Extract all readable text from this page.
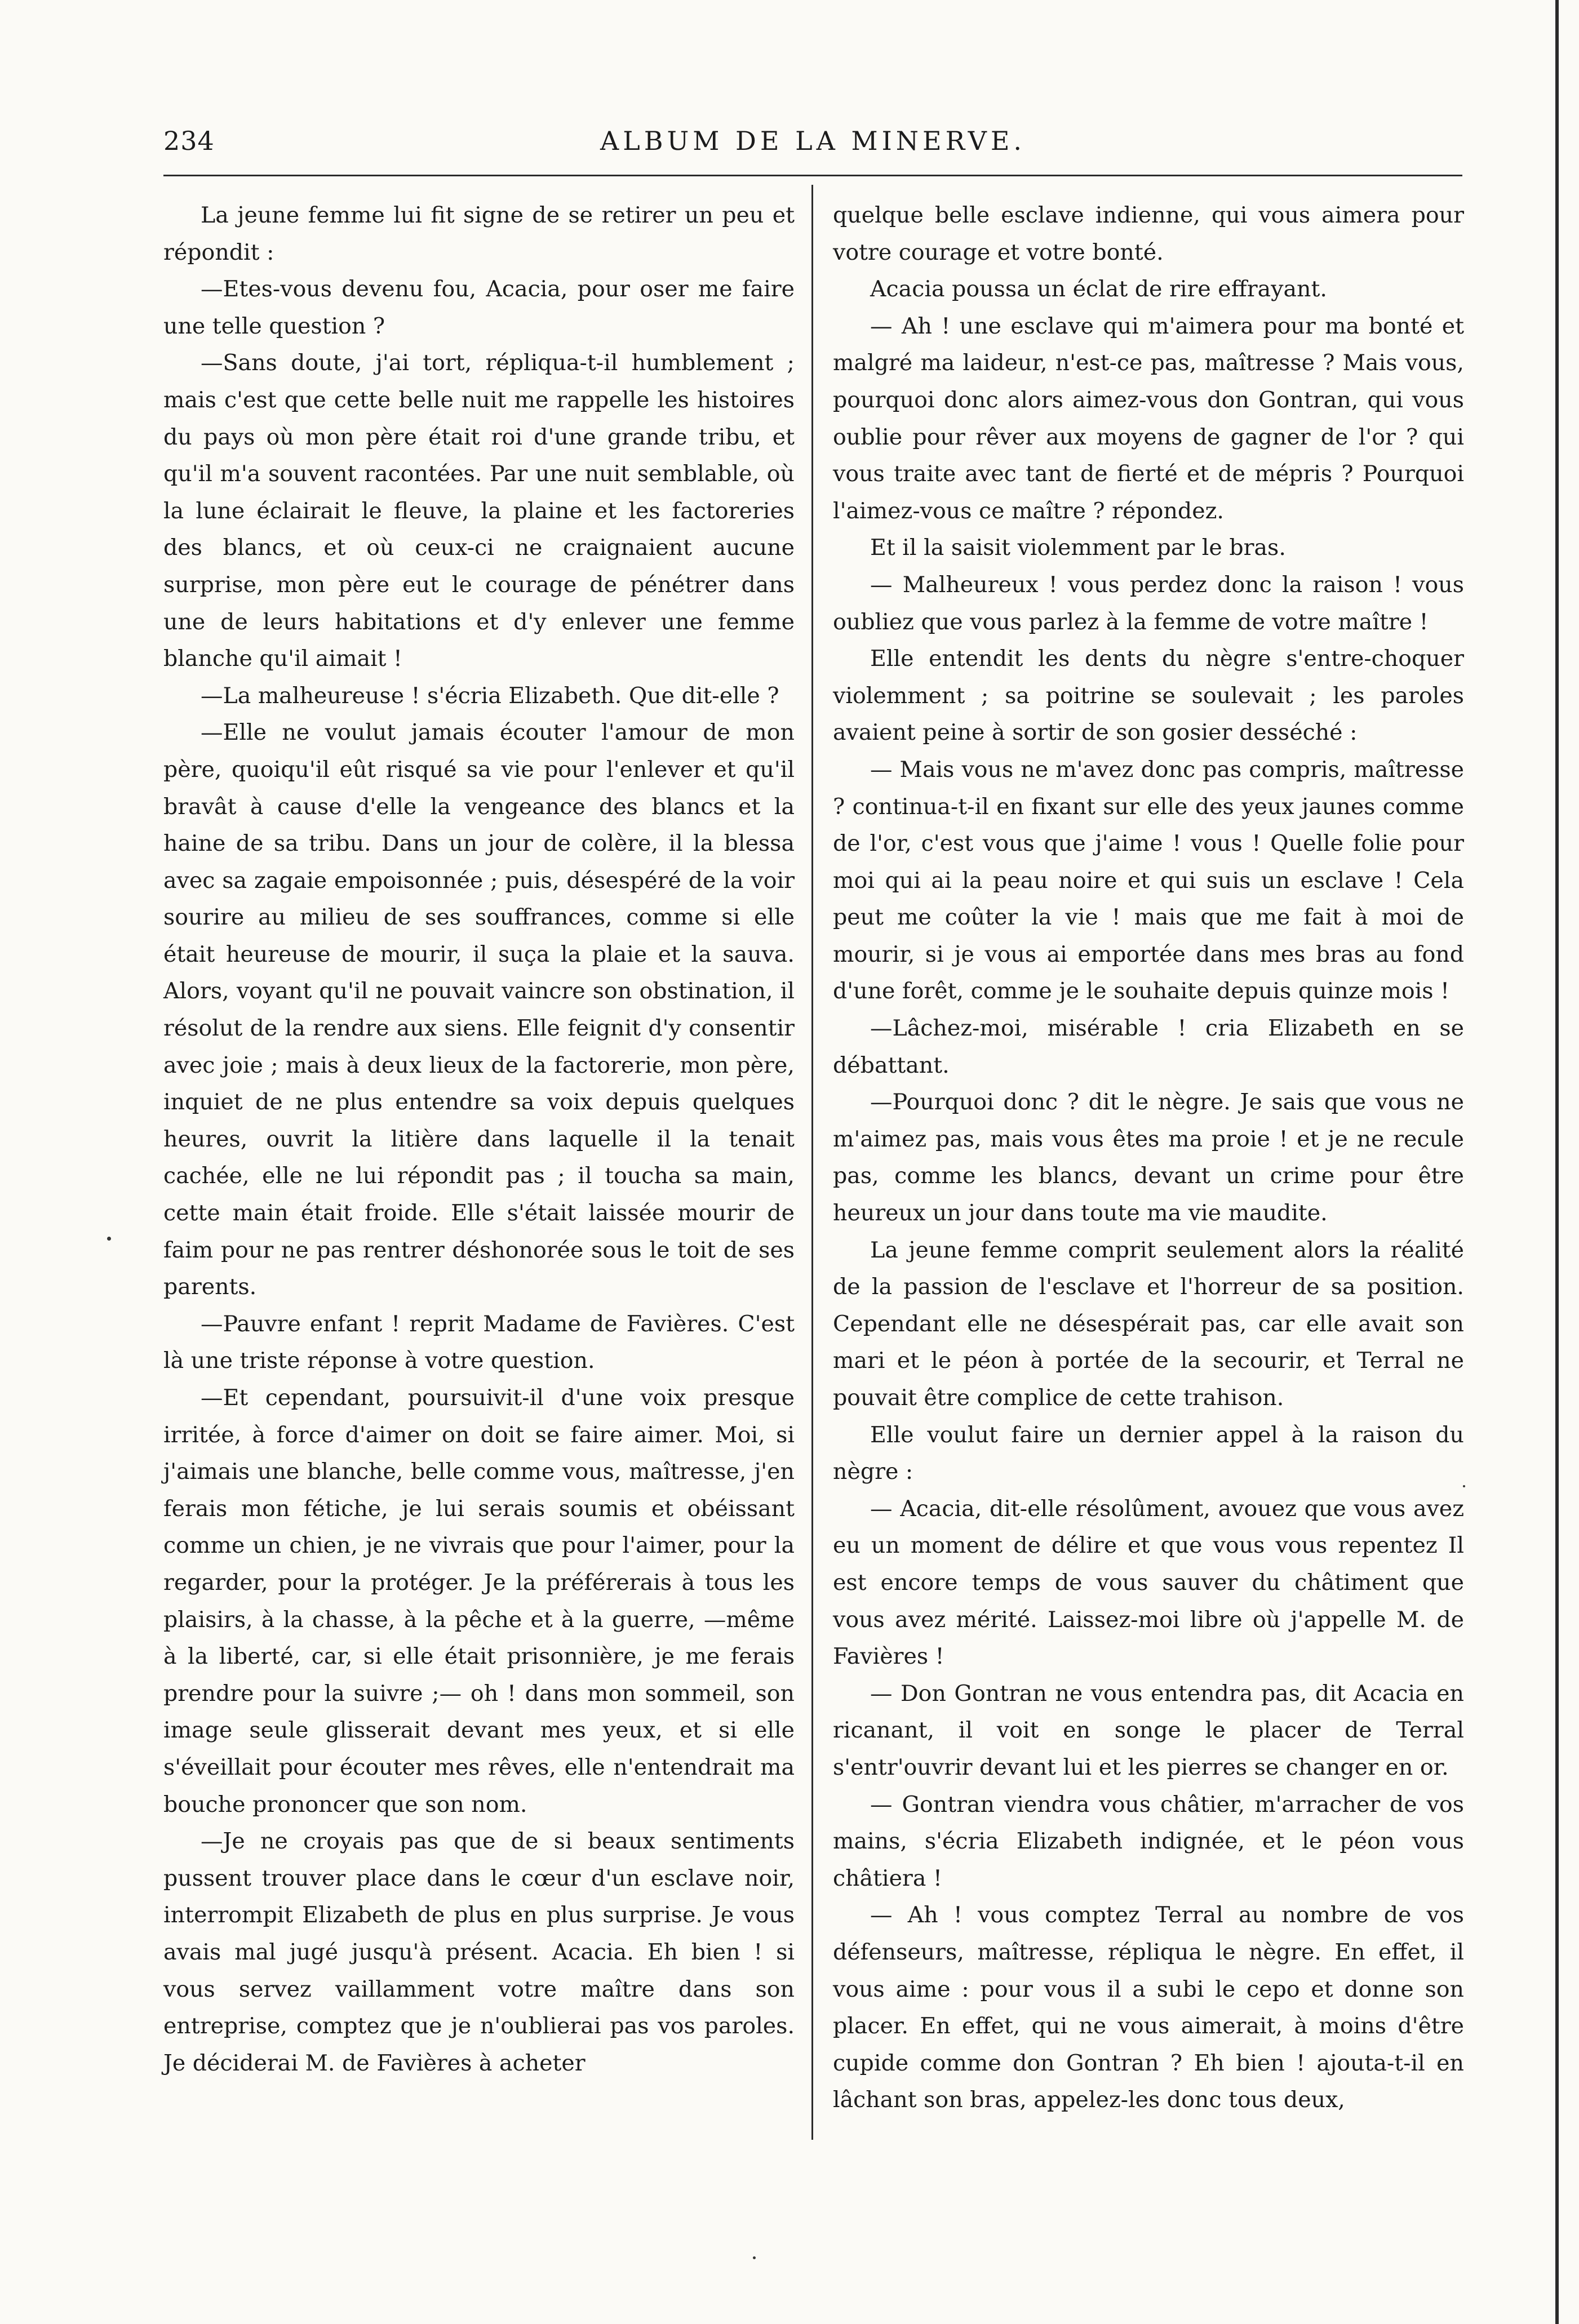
234	ALBUM DE LA MINERVE.

La jeune femme lui fit signe de se retirer un peu et répondit :

—Etes-vous devenu fou, Acacia, pour oser me faire une telle question ?

—Sans doute, j'ai tort, répliqua-t-il humblement ; mais c'est que cette belle nuit me rappelle les histoires du pays où mon père était roi d'une grande tribu, et qu'il m'a souvent racontées. Par une nuit semblable, où la lune éclairait le fleuve, la plaine et les factoreries des blancs, et où ceux-ci ne craignaient aucune surprise, mon père eut le courage de pénétrer dans une de leurs habitations et d'y enlever une femme blanche qu'il aimait !

—La malheureuse ! s'écria Elizabeth. Que dit-elle ?

—Elle ne voulut jamais écouter l'amour de mon père, quoiqu'il eût risqué sa vie pour l'enlever et qu'il bravât à cause d'elle la vengeance des blancs et la haine de sa tribu. Dans un jour de colère, il la blessa avec sa zagaie empoisonnée ; puis, désespéré de la voir sourire au milieu de ses souffrances, comme si elle était heureuse de mourir, il suça la plaie et la sauva. Alors, voyant qu'il ne pouvait vaincre son obstination, il résolut de la rendre aux siens. Elle feignit d'y consentir avec joie ; mais à deux lieux de la factorerie, mon père, inquiet de ne plus entendre sa voix depuis quelques heures, ouvrit la litière dans laquelle il la tenait cachée, elle ne lui répondit pas ; il toucha sa main, cette main était froide. Elle s'était laissée mourir de faim pour ne pas rentrer déshonorée sous le toit de ses parents.

—Pauvre enfant ! reprit Madame de Favières. C'est là une triste réponse à votre question.

—Et cependant, poursuivit-il d'une voix presque irritée, à force d'aimer on doit se faire aimer. Moi, si j'aimais une blanche, belle comme vous, maîtresse, j'en ferais mon fétiche, je lui serais soumis et obéissant comme un chien, je ne vivrais que pour l'aimer, pour la regarder, pour la protéger. Je la préférerais à tous les plaisirs, à la chasse, à la pêche et à la guerre, —même à la liberté, car, si elle était prisonnière, je me ferais prendre pour la suivre ;— oh ! dans mon sommeil, son image seule glisserait devant mes yeux, et si elle s'éveillait pour écouter mes rêves, elle n'entendrait ma bouche prononcer que son nom.

—Je ne croyais pas que de si beaux sentiments pussent trouver place dans le cœur d'un esclave noir, interrompit Elizabeth de plus en plus surprise. Je vous avais mal jugé jusqu'à présent. Acacia. Eh bien ! si vous servez vaillamment votre maître dans son entreprise, comptez que je n'oublierai pas vos paroles. Je déciderai M. de Favières à acheter

quelque belle esclave indienne, qui vous aimera pour votre courage et votre bonté.

Acacia poussa un éclat de rire effrayant.

— Ah ! une esclave qui m'aimera pour ma bonté et malgré ma laideur, n'est-ce pas, maîtresse ? Mais vous, pourquoi donc alors aimez-vous don Gontran, qui vous oublie pour rêver aux moyens de gagner de l'or ? qui vous traite avec tant de fierté et de mépris ? Pourquoi l'aimez-vous ce maître ? répondez.

Et il la saisit violemment par le bras.

— Malheureux ! vous perdez donc la raison ! vous oubliez que vous parlez à la femme de votre maître !

Elle entendit les dents du nègre s'entre-choquer violemment ; sa poitrine se soulevait ; les paroles avaient peine à sortir de son gosier desséché :

— Mais vous ne m'avez donc pas compris, maîtresse ? continua-t-il en fixant sur elle des yeux jaunes comme de l'or, c'est vous que j'aime ! vous ! Quelle folie pour moi qui ai la peau noire et qui suis un esclave ! Cela peut me coûter la vie ! mais que me fait à moi de mourir, si je vous ai emportée dans mes bras au fond d'une forêt, comme je le souhaite depuis quinze mois !

—Lâchez-moi, misérable ! cria Elizabeth en se débattant.

—Pourquoi donc ? dit le nègre. Je sais que vous ne m'aimez pas, mais vous êtes ma proie ! et je ne recule pas, comme les blancs, devant un crime pour être heureux un jour dans toute ma vie maudite.

La jeune femme comprit seulement alors la réalité de la passion de l'esclave et l'horreur de sa position. Cependant elle ne désespérait pas, car elle avait son mari et le péon à portée de la secourir, et Terral ne pouvait être complice de cette trahison.

Elle voulut faire un dernier appel à la raison du nègre :

— Acacia, dit-elle résolûment, avouez que vous avez eu un moment de délire et que vous vous repentez Il est encore temps de vous sauver du châtiment que vous avez mérité. Laissez-moi libre où j'appelle M. de Favières !

— Don Gontran ne vous entendra pas, dit Acacia en ricanant, il voit en songe le placer de Terral s'entr'ouvrir devant lui et les pierres se changer en or.

— Gontran viendra vous châtier, m'arracher de vos mains, s'écria Elizabeth indignée, et le péon vous châtiera !

— Ah ! vous comptez Terral au nombre de vos défenseurs, maîtresse, répliqua le nègre. En effet, il vous aime : pour vous il a subi le cepo et donne son placer. En effet, qui ne vous aimerait, à moins d'être cupide comme don Gontran ? Eh bien ! ajouta-t-il en lâchant son bras, appelez-les donc tous deux,
